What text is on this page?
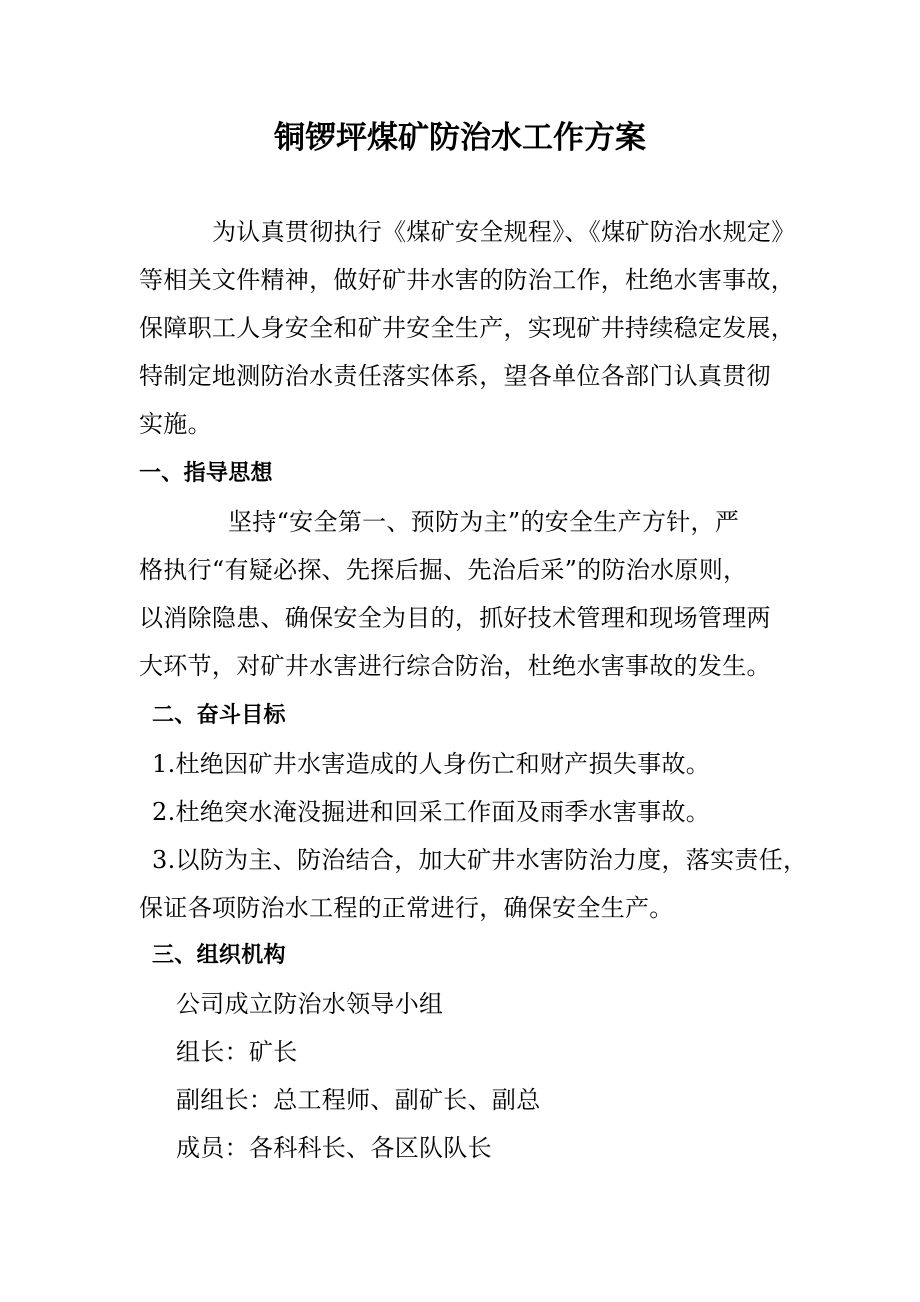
铜锣坪煤矿防治水工作方案

为认真贯彻执行《煤矿安全规程》、《煤矿防治水规定》

等相关文件精神，做好矿井水害的防治工作，杜绝水害事故，

保障职工人身安全和矿井安全生产，实现矿井持续稳定发展，

特制定地测防治水责任落实体系，望各单位各部门认真贯彻

实施。

一、指导思想

坚持“安全第一、预防为主”的安全生产方针，严

格执行“有疑必探、先探后掘、先治后采”的防治水原则，

以消除隐患、确保安全为目的，抓好技术管理和现场管理两

大环节，对矿井水害进行综合防治，杜绝水害事故的发生。

二、奋斗目标

1.杜绝因矿井水害造成的人身伤亡和财产损失事故。

2.杜绝突水淹没掘进和回采工作面及雨季水害事故。

3.以防为主、防治结合，加大矿井水害防治力度，落实责任，

保证各项防治水工程的正常进行，确保安全生产。

三、组织机构

公司成立防治水领导小组

组长：矿长

副组长：总工程师、副矿长、副总

成员：各科科长、各区队队长
